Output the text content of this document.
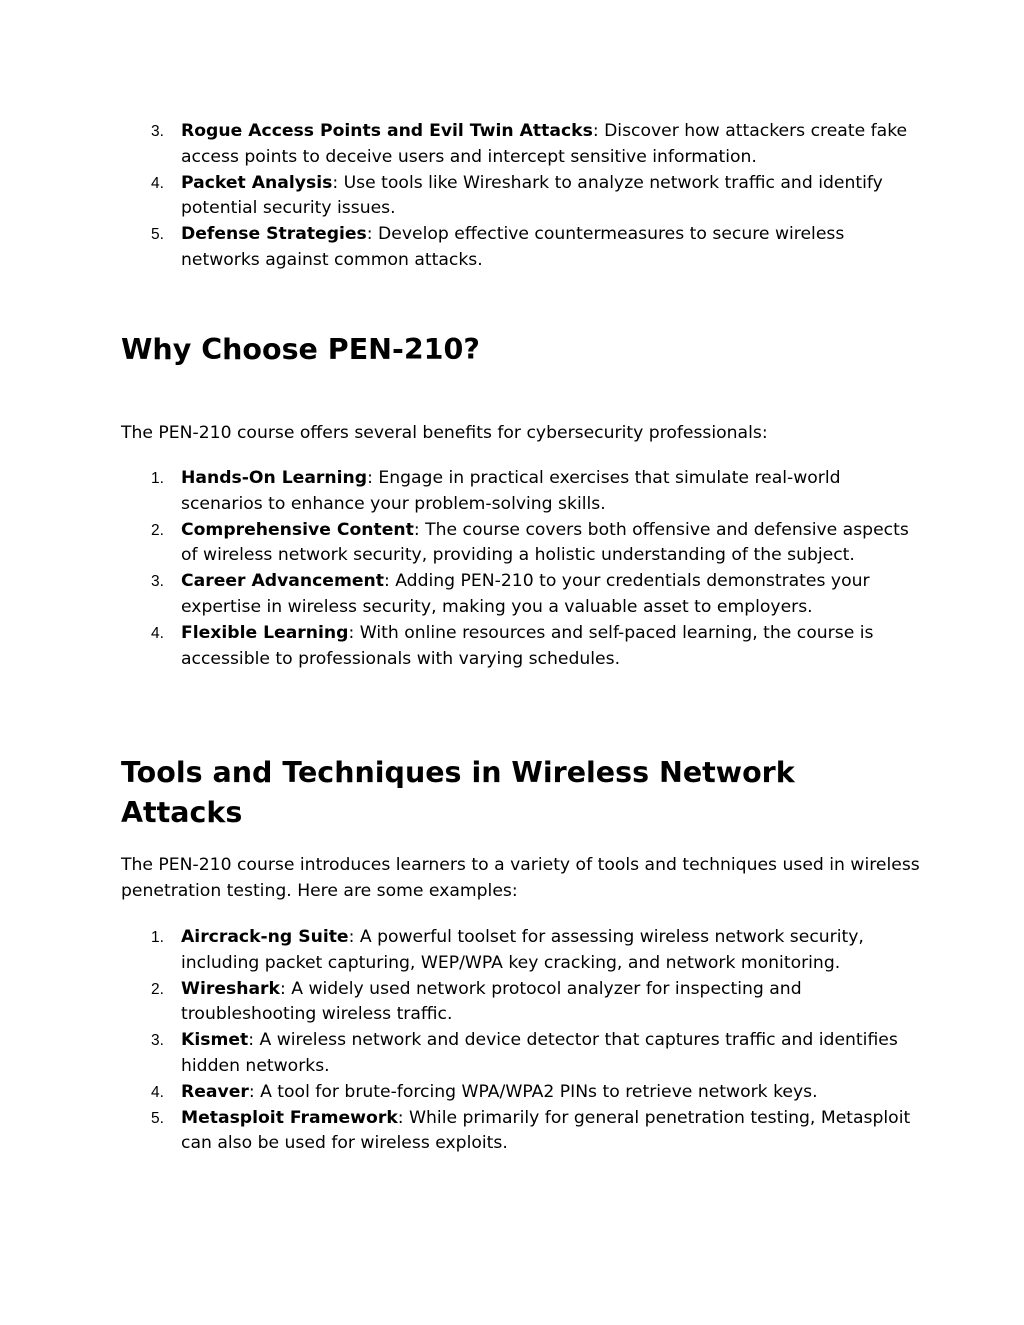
3. Rogue Access Points and Evil Twin Attacks: Discover how attackers create fake access points to deceive users and intercept sensitive information.
4. Packet Analysis: Use tools like Wireshark to analyze network traffic and identify potential security issues.
5. Defense Strategies: Develop effective countermeasures to secure wireless networks against common attacks.
Why Choose PEN-210?

The PEN-210 course offers several benefits for cybersecurity professionals:

1. Hands-On Learning: Engage in practical exercises that simulate real-world scenarios to enhance your problem-solving skills.
2. Comprehensive Content: The course covers both offensive and defensive aspects of wireless network security, providing a holistic understanding of the subject.
3. Career Advancement: Adding PEN-210 to your credentials demonstrates your expertise in wireless security, making you a valuable asset to employers.
4. Flexible Learning: With online resources and self-paced learning, the course is accessible to professionals with varying schedules.
Tools and Techniques in Wireless Network Attacks

The PEN-210 course introduces learners to a variety of tools and techniques used in wireless penetration testing. Here are some examples:

1. Aircrack-ng Suite: A powerful toolset for assessing wireless network security, including packet capturing, WEP/WPA key cracking, and network monitoring.
2. Wireshark: A widely used network protocol analyzer for inspecting and troubleshooting wireless traffic.
3. Kismet: A wireless network and device detector that captures traffic and identifies hidden networks.
4. Reaver: A tool for brute-forcing WPA/WPA2 PINs to retrieve network keys.
5. Metasploit Framework: While primarily for general penetration testing, Metasploit can also be used for wireless exploits.
